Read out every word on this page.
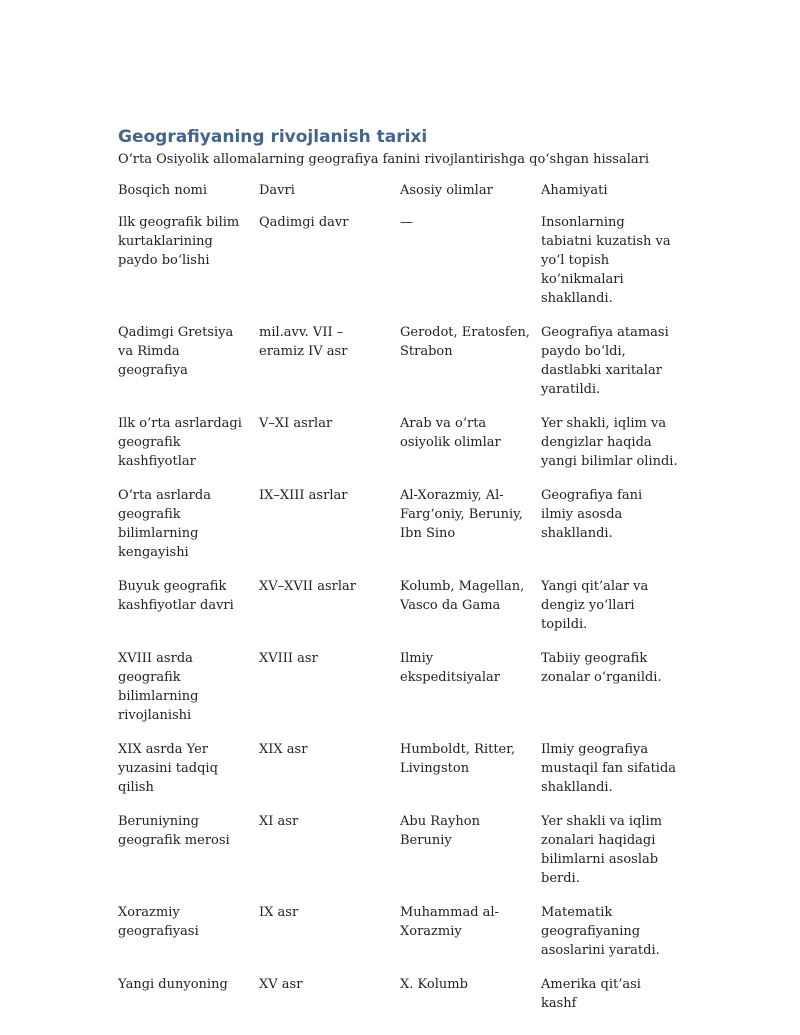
Geografiyaning rivojlanish tarixi

O‘rta Osiyolik allomalarning geografiya fanini rivojlantirishga qo‘shgan hissalari

Bosqich nomi	Davri	Asosiy olimlar	Ahamiyati
Ilk geografik bilim kurtaklarining paydo bo‘lishi	Qadimgi davr	—	Insonlarning tabiatni kuzatish va yo‘l topish ko‘nikmalari shakllandi.
Qadimgi Gretsiya va Rimda geografiya	mil.avv. VII – eramiz IV asr	Gerodot, Eratosfen, Strabon	Geografiya atamasi paydo bo‘ldi, dastlabki xaritalar yaratildi.
Ilk o‘rta asrlardagi geografik kashfiyotlar	V–XI asrlar	Arab va o‘rta osiyolik olimlar	Yer shakli, iqlim va dengizlar haqida yangi bilimlar olindi.
O‘rta asrlarda geografik bilimlarning kengayishi	IX–XIII asrlar	Al-Xorazmiy, Al-Farg‘oniy, Beruniy, Ibn Sino	Geografiya fani ilmiy asosda shakllandi.
Buyuk geografik kashfiyotlar davri	XV–XVII asrlar	Kolumb, Magellan, Vasco da Gama	Yangi qit’alar va dengiz yo‘llari topildi.
XVIII asrda geografik bilimlarning rivojlanishi	XVIII asr	Ilmiy ekspeditsiyalar	Tabiiy geografik zonalar o‘rganildi.
XIX asrda Yer yuzasini tadqiq qilish	XIX asr	Humboldt, Ritter, Livingston	Ilmiy geografiya mustaqil fan sifatida shakllandi.
Beruniyning geografik merosi	XI asr	Abu Rayhon Beruniy	Yer shakli va iqlim zonalari haqidagi bilimlarni asoslab berdi.
Xorazmiy geografiyasi	IX asr	Muhammad al-Xorazmiy	Matematik geografiyaning asoslarini yaratdi.
Yangi dunyoning	XV asr	X. Kolumb	Amerika qit’asi kashf
